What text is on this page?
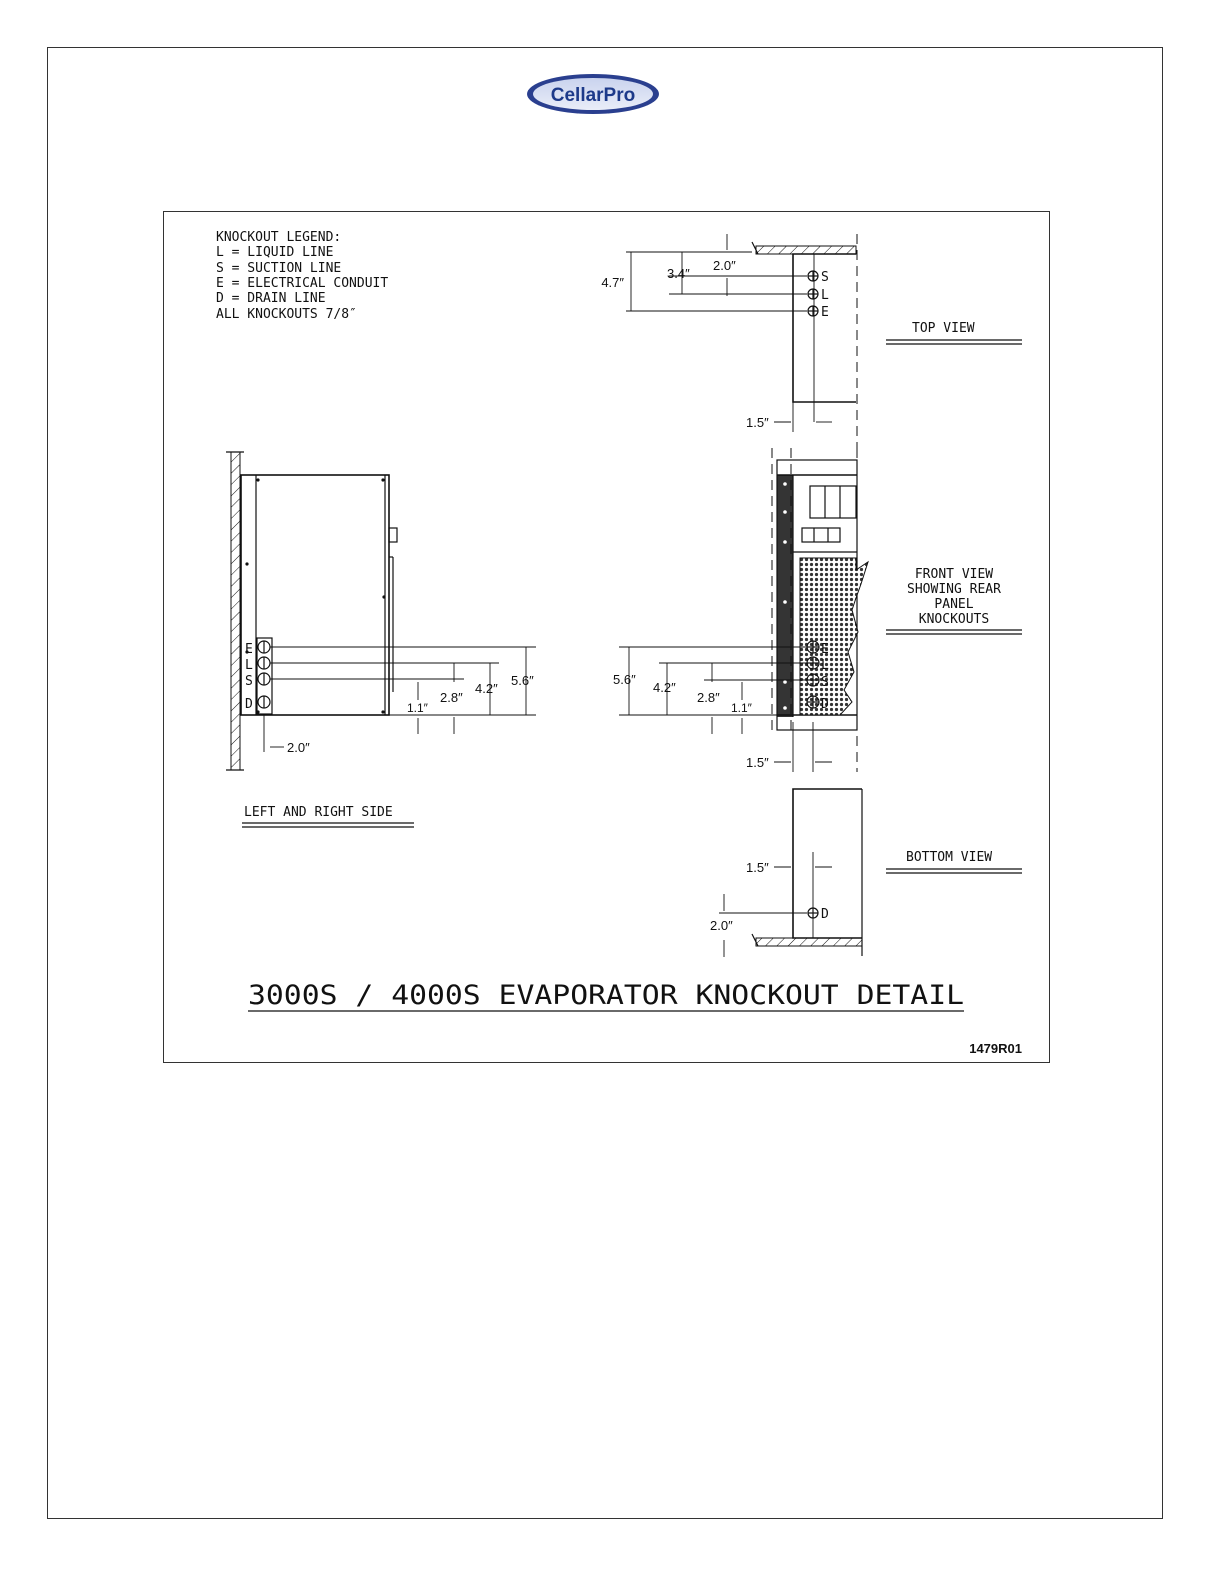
CellarPro
KNOCKOUT LEGEND:
L = LIQUID LINE
S = SUCTION LINE
E = ELECTRICAL CONDUIT
D = DRAIN LINE
ALL KNOCKOUTS 7/8″
S
L
E
4.7″
3.4″
2.0″
1.5″
TOP VIEW
E
L
S
D	1.1″
2.8″
4.2″
5.6″
2.0″
LEFT AND RIGHT SIDE
E
L
S
D
5.6″
4.2″
2.8″
1.1″
1.5″
FRONT VIEW
SHOWING REAR
PANEL
KNOCKOUTS
D
1.5″
2.0″
BOTTOM VIEW
3000S / 4000S EVAPORATOR KNOCKOUT DETAIL
1479R01
